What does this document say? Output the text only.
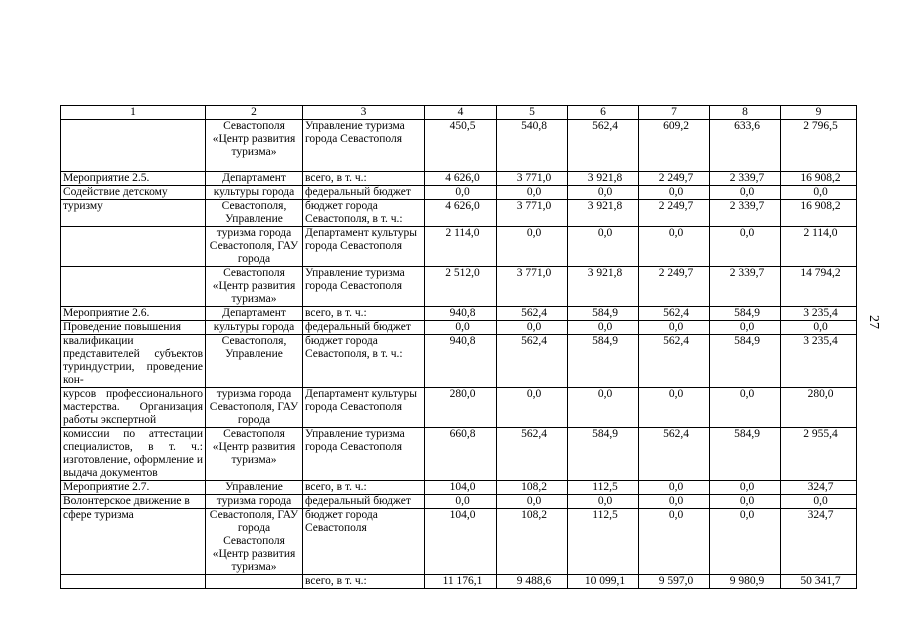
27
1	2	3	4	5	6	7	8	9
	Севастополя «Центр развития туризма»	Управление туризма города Севастополя	450,5	540,8	562,4	609,2	633,6	2 796,5
Мероприятие 2.5.	Департамент	всего, в т. ч.:	4 626,0	3 771,0	3 921,8	2 249,7	2 339,7	16 908,2
Содействие детскому	культуры города	федеральный бюджет	0,0	0,0	0,0	0,0	0,0	0,0
туризму	Севастополя, Управление	бюджет города Севастополя, в т. ч.:	4 626,0	3 771,0	3 921,8	2 249,7	2 339,7	16 908,2
	туризма города Севастополя, ГАУ города	Департамент культуры города Севастополя	2 114,0	0,0	0,0	0,0	0,0	2 114,0
	Севастополя «Центр развития туризма»	Управление туризма города Севастополя	2 512,0	3 771,0	3 921,8	2 249,7	2 339,7	14 794,2
Мероприятие 2.6.	Департамент	всего, в т. ч.:	940,8	562,4	584,9	562,4	584,9	3 235,4
Проведение повышения	культуры города	федеральный бюджет	0,0	0,0	0,0	0,0	0,0	0,0
квалификации представителей субъектов туриндустрии, проведение кон-	Севастополя, Управление	бюджет города Севастополя, в т. ч.:	940,8	562,4	584,9	562,4	584,9	3 235,4
курсов профессионального мастерства. Организация работы экспертной	туризма города Севастополя, ГАУ города	Департамент культуры города Севастополя	280,0	0,0	0,0	0,0	0,0	280,0
комиссии по аттестации специалистов, в т. ч.: изготовление, оформление и выдача документов	Севастополя «Центр развития туризма»	Управление туризма города Севастополя	660,8	562,4	584,9	562,4	584,9	2 955,4
Мероприятие 2.7.	Управление	всего, в т. ч.:	104,0	108,2	112,5	0,0	0,0	324,7
Волонтерское движение в	туризма города	федеральный бюджет	0,0	0,0	0,0	0,0	0,0	0,0
сфере туризма	Севастополя, ГАУ города Севастополя «Центр развития туризма»	бюджет города Севастополя	104,0	108,2	112,5	0,0	0,0	324,7
		всего, в т. ч.:	11 176,1	9 488,6	10 099,1	9 597,0	9 980,9	50 341,7
